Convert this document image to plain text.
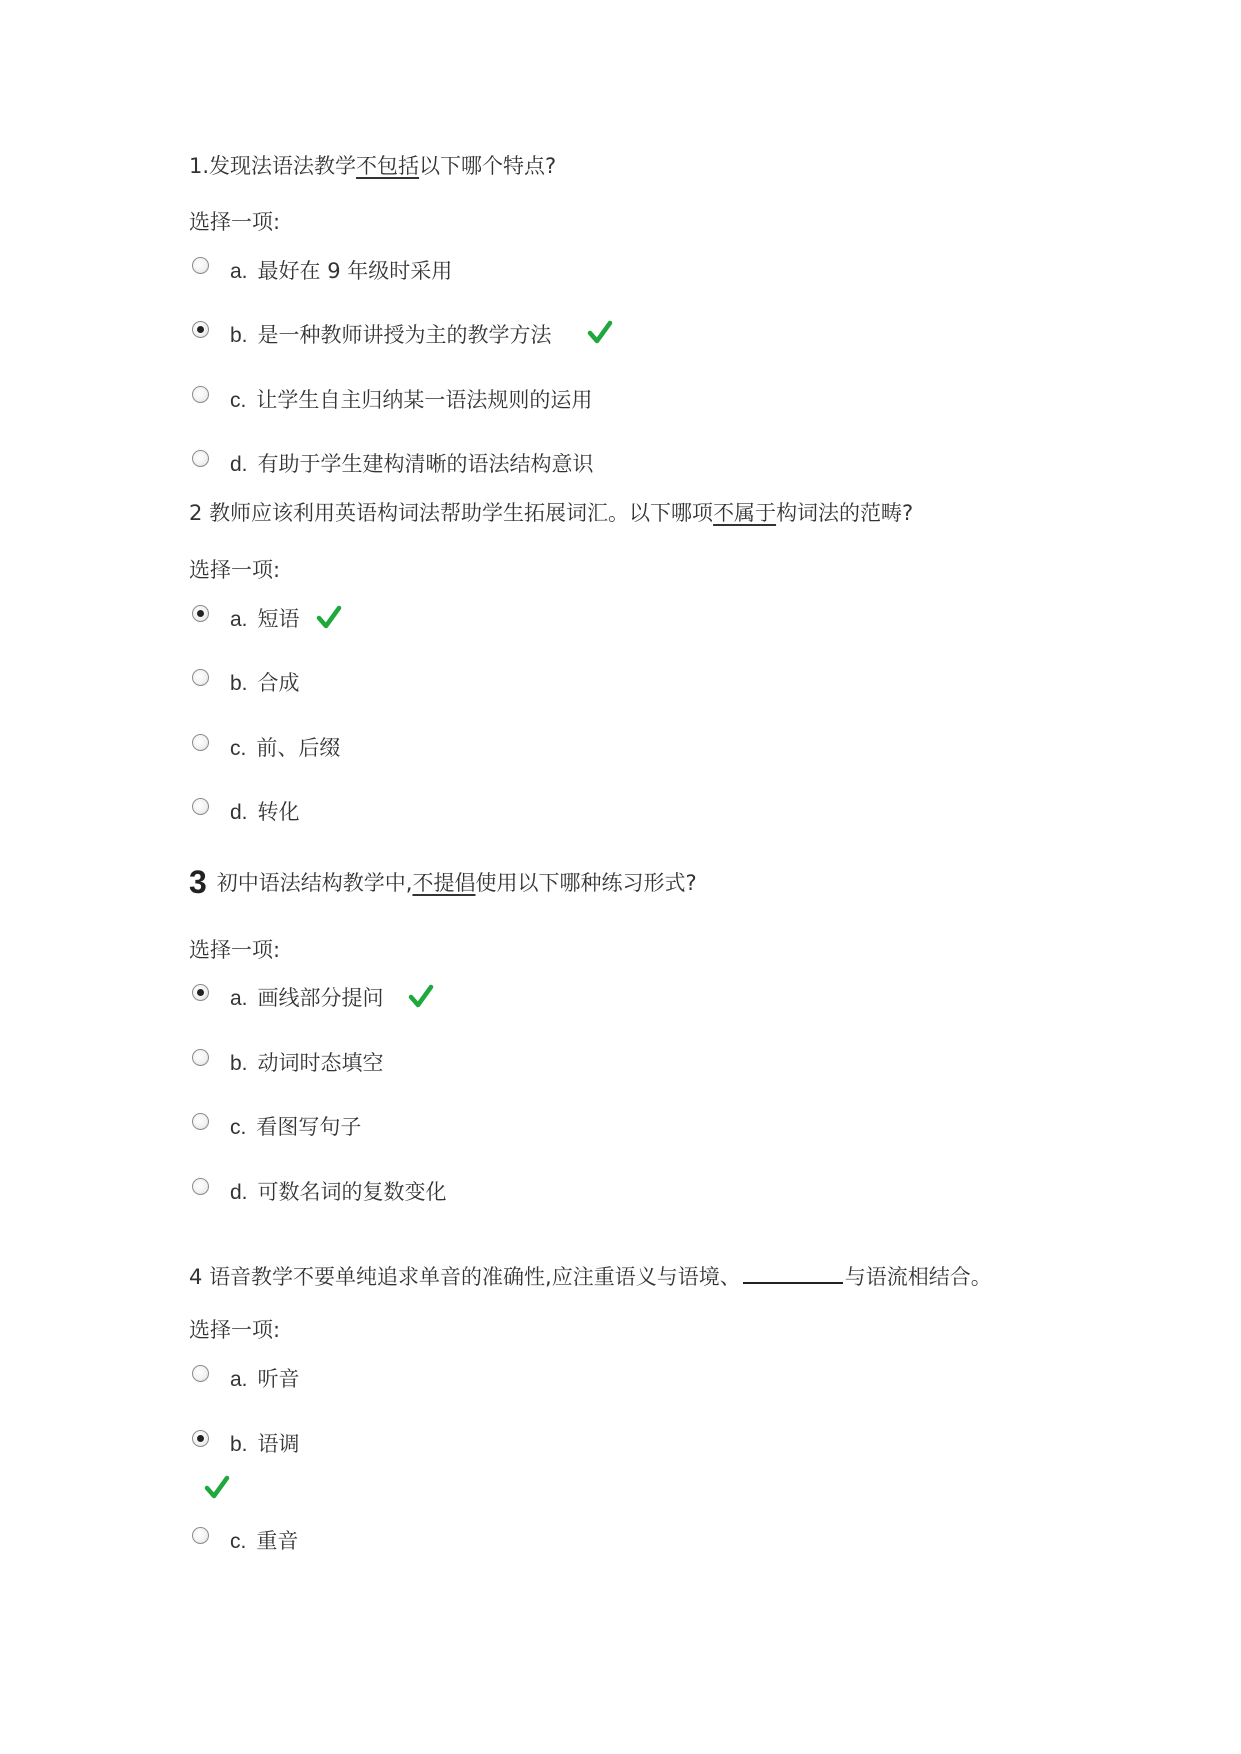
1.发现法语法教学不包括以下哪个特点?
选择一项:
a. 最好在 9 年级时采用
b. 是一种教师讲授为主的教学方法
c. 让学生自主归纳某一语法规则的运用
d. 有助于学生建构清晰的语法结构意识
2 教师应该利用英语构词法帮助学生拓展词汇。以下哪项不属于构词法的范畴?
选择一项:
a. 短语
b. 合成
c. 前、后缀
d. 转化
3 初中语法结构教学中,不提倡使用以下哪种练习形式?
选择一项:
a. 画线部分提问
b. 动词时态填空
c. 看图写句子
d. 可数名词的复数变化
4 语音教学不要单纯追求单音的准确性,应注重语义与语境、	与语流相结合。
选择一项:
a. 听音
b. 语调
c. 重音
